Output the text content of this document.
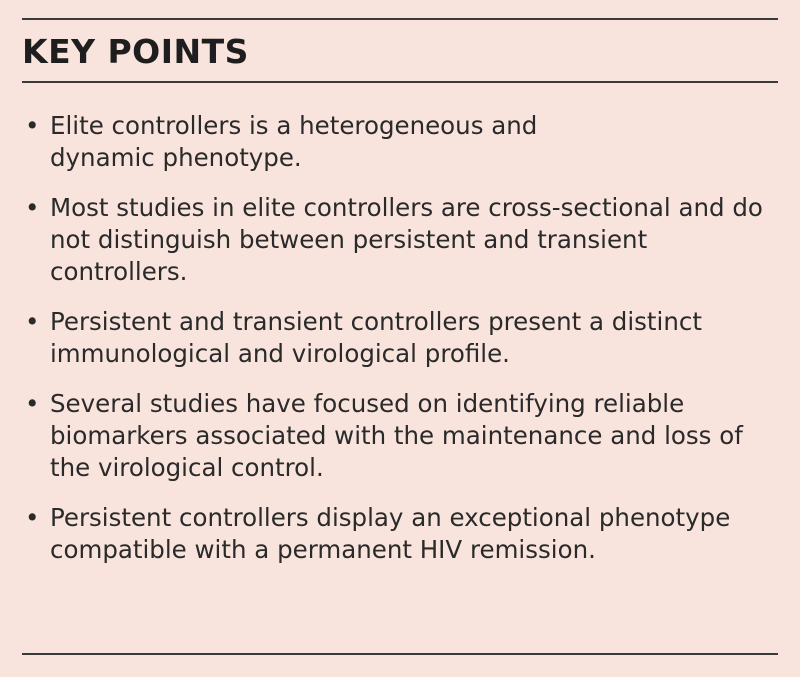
KEY POINTS
• Elite controllers is a heterogeneous and dynamic phenotype.
• Most studies in elite controllers are cross-sectional and do not distinguish between persistent and transient controllers.
• Persistent and transient controllers present a distinct immunological and virological profile.
• Several studies have focused on identifying reliable biomarkers associated with the maintenance and loss of the virological control.
• Persistent controllers display an exceptional phenotype compatible with a permanent HIV remission.
